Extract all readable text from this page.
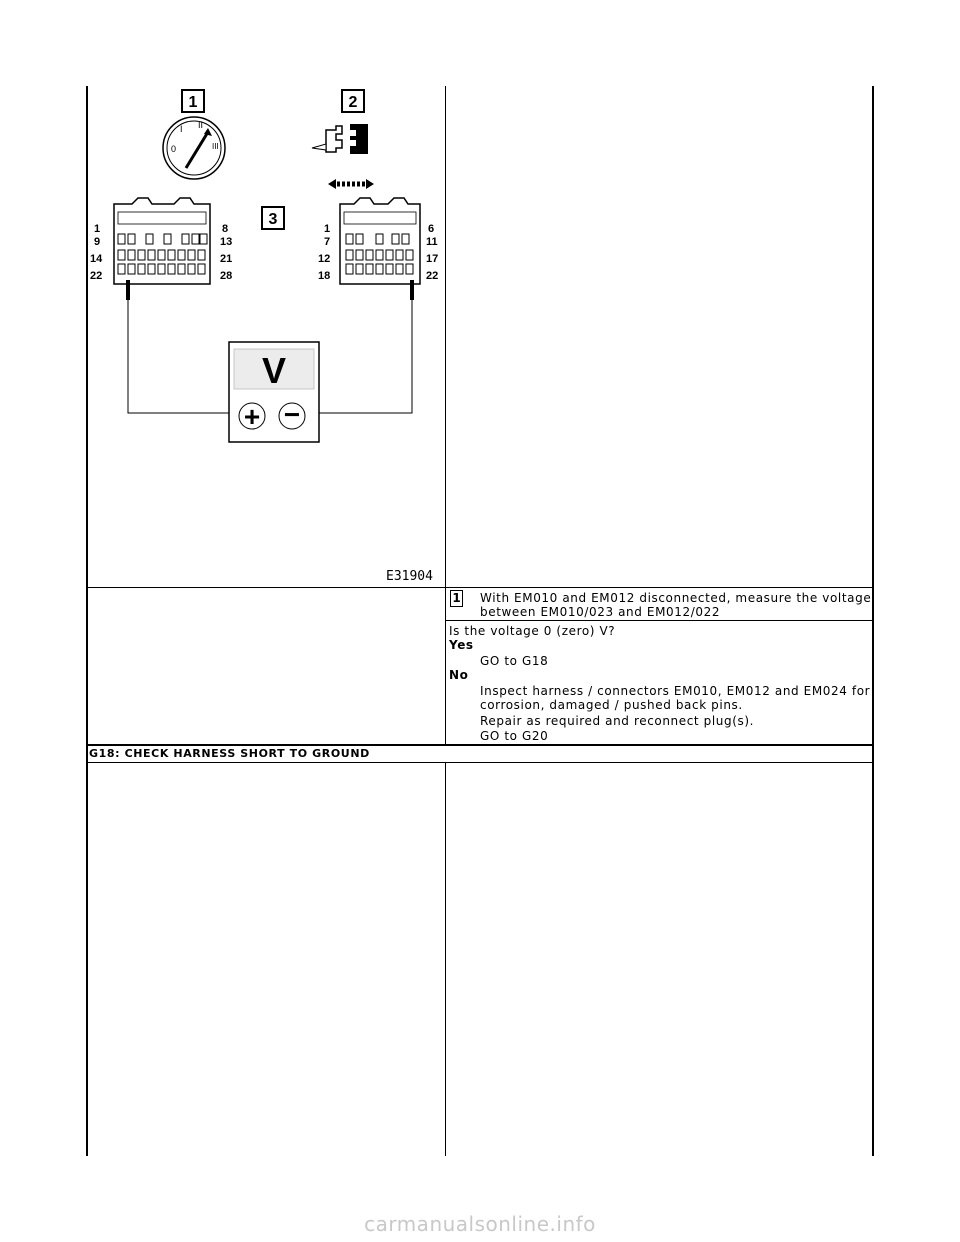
1	2
3
0
I II
III
1
9
14
22
8
13
21
28
1
7
12
18
6
11
17
22
V
+ −
E31904
1 With EM010 and EM012 disconnected, measure the voltage
between EM010/023 and EM012/022
Is the voltage 0 (zero) V?
Yes
GO to G18
No
Inspect harness / connectors EM010, EM012 and EM024 for
corrosion, damaged / pushed back pins.
Repair as required and reconnect plug(s).
GO to G20
G18: CHECK HARNESS SHORT TO GROUND
carmanualsonline.info
